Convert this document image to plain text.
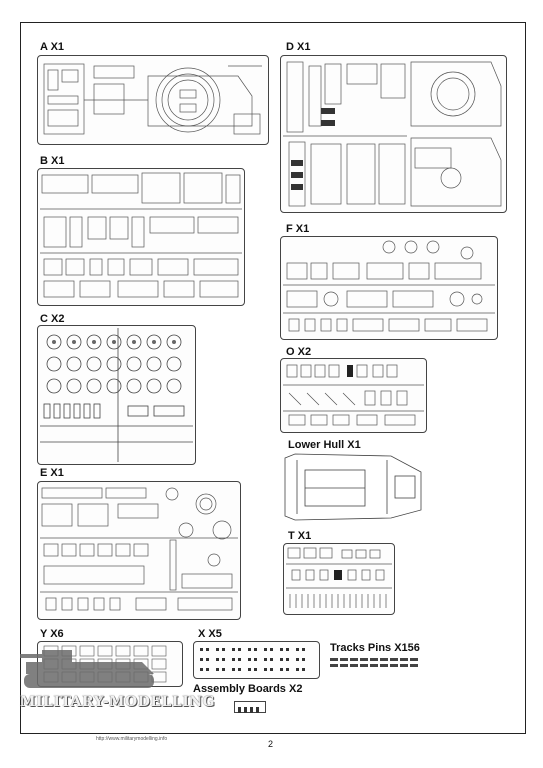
A X1
B X1
C X2
E X1
D X1
F X1
O X2
Lower Hull X1
T X1
Y X6	X X5
Tracks Pins X156
Assembly Boards X2
MILITARY-MODELLING
http://www.militarymodelling.info	2
